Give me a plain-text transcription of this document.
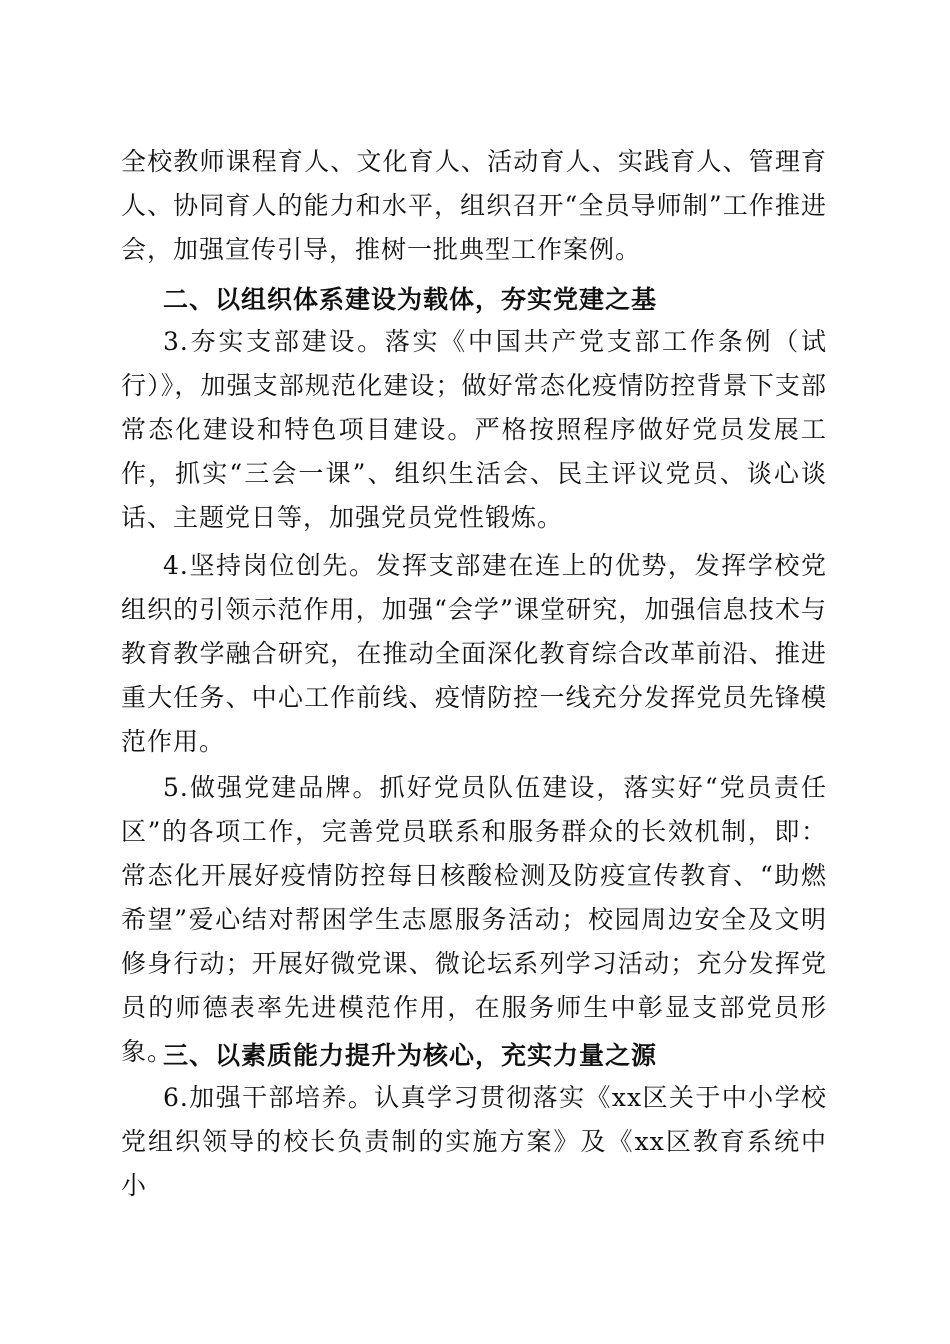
全校教师课程育人、文化育人、活动育人、实践育人、管理育人、协同育人的能力和水平，组织召开“全员导师制”工作推进会，加强宣传引导，推树一批典型工作案例。

二、以组织体系建设为载体，夯实党建之基

3.夯实支部建设。落实《中国共产党支部工作条例（试行）》，加强支部规范化建设；做好常态化疫情防控背景下支部常态化建设和特色项目建设。严格按照程序做好党员发展工作，抓实“三会一课”、组织生活会、民主评议党员、谈心谈话、主题党日等，加强党员党性锻炼。

4.坚持岗位创先。发挥支部建在连上的优势，发挥学校党组织的引领示范作用，加强“会学”课堂研究，加强信息技术与教育教学融合研究，在推动全面深化教育综合改革前沿、推进重大任务、中心工作前线、疫情防控一线充分发挥党员先锋模范作用。

5.做强党建品牌。抓好党员队伍建设，落实好“党员责任区”的各项工作，完善党员联系和服务群众的长效机制，即：常态化开展好疫情防控每日核酸检测及防疫宣传教育、“助燃希望”爱心结对帮困学生志愿服务活动；校园周边安全及文明修身行动；开展好微党课、微论坛系列学习活动；充分发挥党员的师德表率先进模范作用，在服务师生中彰显支部党员形象。

三、以素质能力提升为核心，充实力量之源

6.加强干部培养。认真学习贯彻落实《xx区关于中小学校党组织领导的校长负责制的实施方案》及《xx区教育系统中小
